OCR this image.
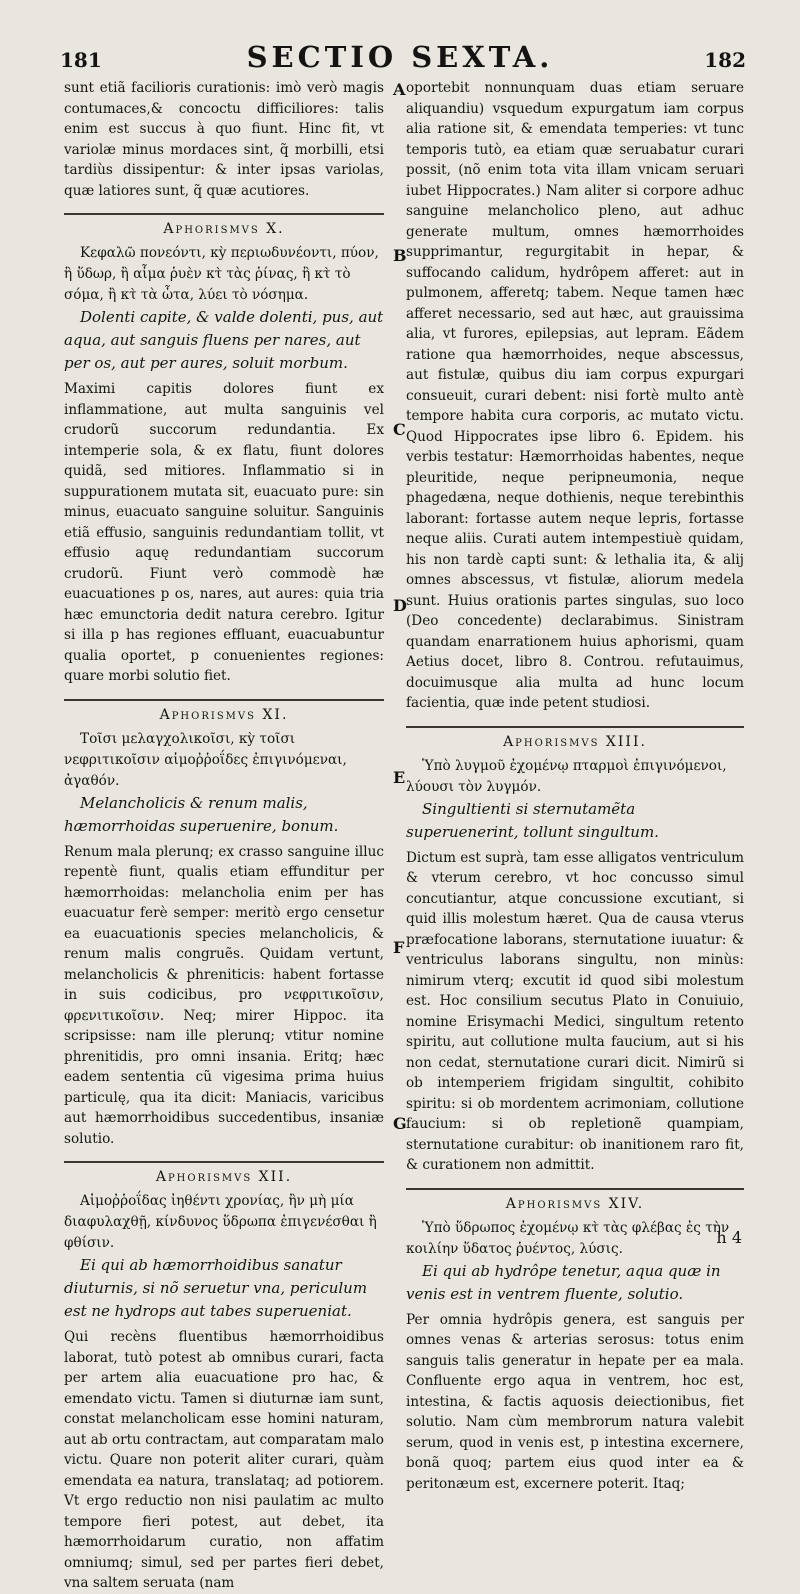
181	SECTIO SEXTA.	182

sunt etiã facilioris curationis: imò verò magis contumaces,& concoctu difficiliores: talis enim est succus à quo fiunt. Hinc fit, vt variolæ minus mordaces sint, q̃ morbilli, etsi tardiùs dissipentur: & inter ipsas variolas, quæ latiores sunt, q̃ quæ acutiores.

Aphorismvs X.

Κεφαλῶ πονεόντι, κỳ περιωδυνέοντι, πύον, ἢ ὕδωρ, ἢ αἷμα ῥυὲν κτ̀ τὰς ῥίνας, ἢ κτ̀ τὸ σόμα, ἢ κτ̀ τὰ ὦτα, λύει τὸ νόσημα.

Dolenti capite, & valde dolenti, pus, aut aqua, aut sanguis fluens per nares, aut per os, aut per aures, soluit morbum.

Maximi capitis dolores fiunt ex inflammatione, aut multa sanguinis vel crudorũ succorum redundantia. Ex intemperie sola, & ex flatu, fiunt dolores quidã, sed mitiores. Inflammatio si in suppurationem mutata sit, euacuato pure: sin minus, euacuato sanguine soluitur. Sanguinis etiã effusio, sanguinis redundantiam tollit, vt effusio aquę redundantiam succorum crudorũ. Fiunt verò commodè hæ euacuationes p os, nares, aut aures: quia tria hæc emunctoria dedit natura cerebro. Igitur si illa p has regiones effluant, euacuabuntur qualia oportet, p conuenientes regiones: quare morbi solutio fiet.

Aphorismvs XI.

Τοῖσι μελαγχολικοῖσι, κỳ τοῖσι νεφριτικοῖσιν αἱμοῤῥοΐδες ἐπιγινόμεναι, ἀγαθόν.

Melancholicis & renum malis, hæmorrhoidas superuenire, bonum.

Renum mala plerunq; ex crasso sanguine illuc repentè fiunt, qualis etiam effunditur per hæmorrhoidas: melancholia enim per has euacuatur ferè semper: meritò ergo censetur ea euacuationis species melancholicis, & renum malis congruẽs. Quidam vertunt, melancholicis & phreniticis: habent fortasse in suis codicibus, pro νεφριτικοῖσιν, φρενιτικοῖσιν. Neq; mirer Hippoc. ita scripsisse: nam ille plerunq; vtitur nomine phrenitidis, pro omni insania. Eritq; hæc eadem sententia cũ vigesima prima huius particulę, qua ita dicit: Maniacis, varicibus aut hæmorrhoidibus succedentibus, insaniæ solutio.

Aphorismvs XII.

Αἱμοῤῥοΐδας ἰηθέντι χρονίας, ἢν μὴ μία διαφυλαχθῇ, κίνδυνος ὕδρωπα ἐπιγενέσθαι ἢ φθίσιν.

Ei qui ab hæmorrhoidibus sanatur diuturnis, si nõ seruetur vna, periculum est ne hydrops aut tabes superueniat.

Qui recèns fluentibus hæmorrhoidibus laborat, tutò potest ab omnibus curari, facta per artem alia euacuatione pro hac, & emendato victu. Tamen si diuturnæ iam sunt, constat melancholicam esse homini naturam, aut ab ortu contractam, aut comparatam malo victu. Quare non poterit aliter curari, quàm emendata ea natura, translataq; ad potiorem. Vt ergo reductio non nisi paulatim ac multo tempore fieri potest, aut debet, ita hæmorrhoidarum curatio, non affatim omniumq; simul, sed per partes fieri debet, vna saltem seruata (nam

A
B
C
D
E
F
G

oportebit nonnunquam duas etiam seruare aliquandiu) vsquedum expurgatum iam corpus alia ratione sit, & emendata temperies: vt tunc temporis tutò, ea etiam quæ seruabatur curari possit, (nõ enim tota vita illam vnicam seruari iubet Hippocrates.) Nam aliter si corpore adhuc sanguine melancholico pleno, aut adhuc generate multum, omnes hæmorrhoides supprimantur, regurgitabit in hepar, & suffocando calidum, hydrôpem afferet: aut in pulmonem, afferetq; tabem. Neque tamen hæc afferet necessario, sed aut hæc, aut grauissima alia, vt furores, epilepsias, aut lepram. Eãdem ratione qua hæmorrhoides, neque abscessus, aut fistulæ, quibus diu iam corpus expurgari consueuit, curari debent: nisi fortè multo antè tempore habita cura corporis, ac mutato victu. Quod Hippocrates ipse libro 6. Epidem. his verbis testatur: Hæmorrhoidas habentes, neque pleuritide, neque peripneumonia, neque phagedæna, neque dothienis, neque terebinthis laborant: fortasse autem neque lepris, fortasse neque aliis. Curati autem intempestiuè quidam, his non tardè capti sunt: & lethalia ita, & alij omnes abscessus, vt fistulæ, aliorum medela sunt. Huius orationis partes singulas, suo loco (Deo concedente) declarabimus. Sinistram quandam enarrationem huius aphorismi, quam Aetius docet, libro 8. Controu. refutauimus, docuimusque alia multa ad hunc locum facientia, quæ inde petent studiosi.

Aphorismvs XIII.

Ὑπὸ λυγμοῦ ἐχομένῳ πταρμοὶ ἐπιγινόμενοι, λύουσι τὸν λυγμόν.

Singultienti si sternutamẽta superuenerint, tollunt singultum.

Dictum est suprà, tam esse alligatos ventriculum & vterum cerebro, vt hoc concusso simul concutiantur, atque concussione excutiant, si quid illis molestum hæret. Qua de causa vterus præfocatione laborans, sternutatione iuuatur: & ventriculus laborans singultu, non minùs: nimirum vterq; excutit id quod sibi molestum est. Hoc consilium secutus Plato in Conuiuio, nomine Erisymachi Medici, singultum retento spiritu, aut collutione multa faucium, aut si his non cedat, sternutatione curari dicit. Nimirũ si ob intemperiem frigidam singultit, cohibito spiritu: si ob mordentem acrimoniam, collutione faucium: si ob repletionẽ quampiam, sternutatione curabitur: ob inanitionem raro fit, & curationem non admittit.

Aphorismvs XIV.

Ὑπὸ ὕδρωπος ἐχομένῳ κτ̀ τὰς φλέβας ἐς τὴν κοιλίην ὕδατος ῥυέντος, λύσις.

Ei qui ab hydrôpe tenetur, aqua quæ in venis est in ventrem fluente, solutio.

Per omnia hydrôpis genera, est sanguis per omnes venas & arterias serosus: totus enim sanguis talis generatur in hepate per ea mala. Confluente ergo aqua in ventrem, hoc est, intestina, & factis aquosis deiectionibus, fiet solutio. Nam cùm membrorum natura valebit serum, quod in venis est, p intestina excernere, bonã quoq; partem eius quod inter ea & peritonæum est, excernere poterit. Itaq;

h 4
